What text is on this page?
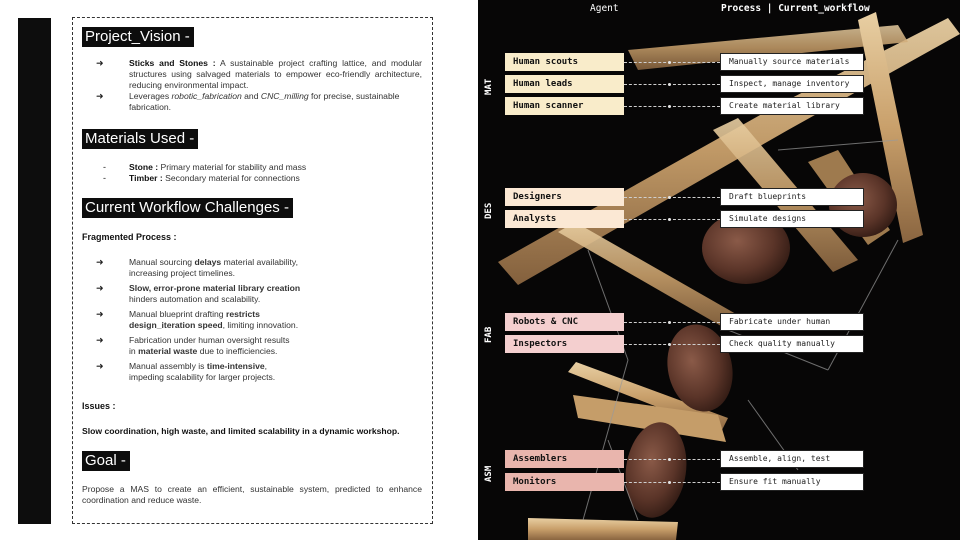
Project_Vision -
➜	Sticks and Stones : A sustainable project crafting lattice, and modular structures using salvaged materials to empower eco-friendly architecture, reducing environmental impact.
➜	Leverages robotic_fabrication and CNC_milling for precise, sustainable fabrication.
Materials Used -
-	Stone : Primary material for stability and mass
-	Timber : Secondary material for connections
Current Workflow Challenges -
Fragmented Process :
➜	Manual sourcing delays material availability,
increasing project timelines.
➜	Slow, error-prone material library creation
hinders automation and scalability.
➜	Manual blueprint drafting restricts
design_iteration speed, limiting innovation.
➜	Fabrication under human oversight results
in material waste due to inefficiencies.
➜	Manual assembly is time-intensive,
impeding scalability for larger projects.
Issues :
Slow coordination, high waste, and limited scalability in a dynamic workshop.
Goal -
Propose a MAS to create an efficient, sustainable system, predicted to enhance coordination and reduce waste.
Agent	Process | Current_workflow
MAT
Human scouts	Manually source materials
Human leads	Inspect, manage inventory
Human scanner	Create material library
DES
Designers	Draft blueprints
Analysts	Simulate designs
FAB
Robots & CNC	Fabricate under human
Inspectors	Check quality manually
ASM
Assemblers	Assemble, align, test
Monitors	Ensure fit manually
